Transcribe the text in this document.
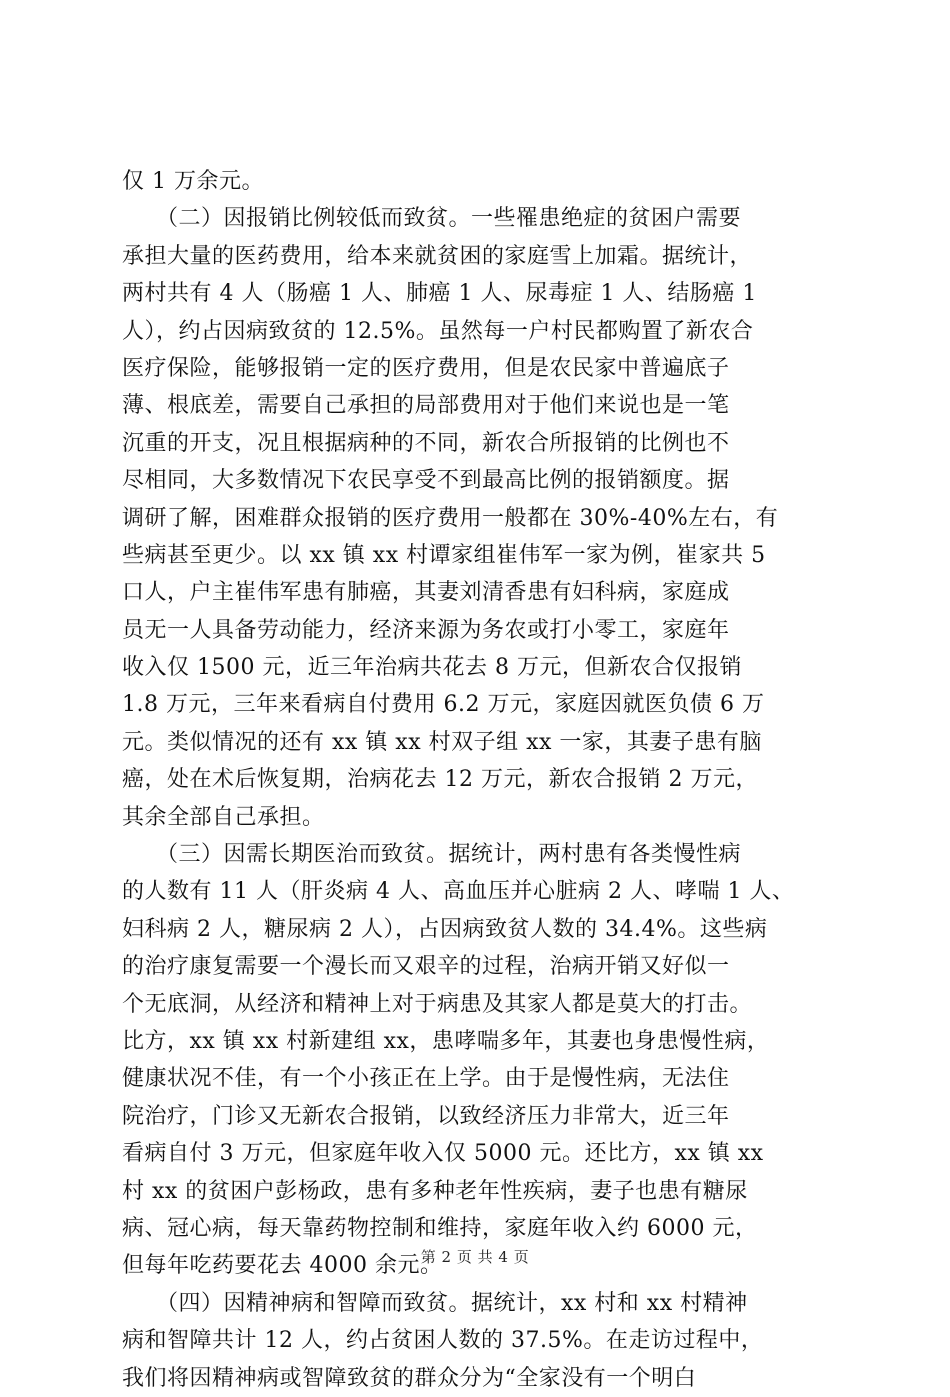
仅 1 万余元。
　　（二）因报销比例较低而致贫。一些罹患绝症的贫困户需要
承担大量的医药费用，给本来就贫困的家庭雪上加霜。据统计，
两村共有 4 人（肠癌 1 人、肺癌 1 人、尿毒症 1 人、结肠癌 1
人），约占因病致贫的 12.5%。虽然每一户村民都购置了新农合
医疗保险，能够报销一定的医疗费用，但是农民家中普遍底子
薄、根底差，需要自己承担的局部费用对于他们来说也是一笔
沉重的开支，况且根据病种的不同，新农合所报销的比例也不
尽相同，大多数情况下农民享受不到最高比例的报销额度。据
调研了解，困难群众报销的医疗费用一般都在 30%-40%左右，有
些病甚至更少。以 xx 镇 xx 村谭家组崔伟军一家为例，崔家共 5
口人，户主崔伟军患有肺癌，其妻刘清香患有妇科病，家庭成
员无一人具备劳动能力，经济来源为务农或打小零工，家庭年
收入仅 1500 元，近三年治病共花去 8 万元，但新农合仅报销
1.8 万元，三年来看病自付费用 6.2 万元，家庭因就医负债 6 万
元。类似情况的还有 xx 镇 xx 村双子组 xx 一家，其妻子患有脑
癌，处在术后恢复期，治病花去 12 万元，新农合报销 2 万元，
其余全部自己承担。
　　（三）因需长期医治而致贫。据统计，两村患有各类慢性病
的人数有 11 人（肝炎病 4 人、高血压并心脏病 2 人、哮喘 1 人、
妇科病 2 人，糖尿病 2 人），占因病致贫人数的 34.4%。这些病
的治疗康复需要一个漫长而又艰辛的过程，治病开销又好似一
个无底洞，从经济和精神上对于病患及其家人都是莫大的打击。
比方，xx 镇 xx 村新建组 xx，患哮喘多年，其妻也身患慢性病，
健康状况不佳，有一个小孩正在上学。由于是慢性病，无法住
院治疗，门诊又无新农合报销，以致经济压力非常大，近三年
看病自付 3 万元，但家庭年收入仅 5000 元。还比方，xx 镇 xx
村 xx 的贫困户彭杨政，患有多种老年性疾病，妻子也患有糖尿
病、冠心病，每天靠药物控制和维持，家庭年收入约 6000 元，
但每年吃药要花去 4000 余元。
　　（四）因精神病和智障而致贫。据统计，xx 村和 xx 村精神
病和智障共计 12 人，约占贫困人数的 37.5%。在走访过程中，
我们将因精神病或智障致贫的群众分为“全家没有一个明白
第 2 页 共 4 页
